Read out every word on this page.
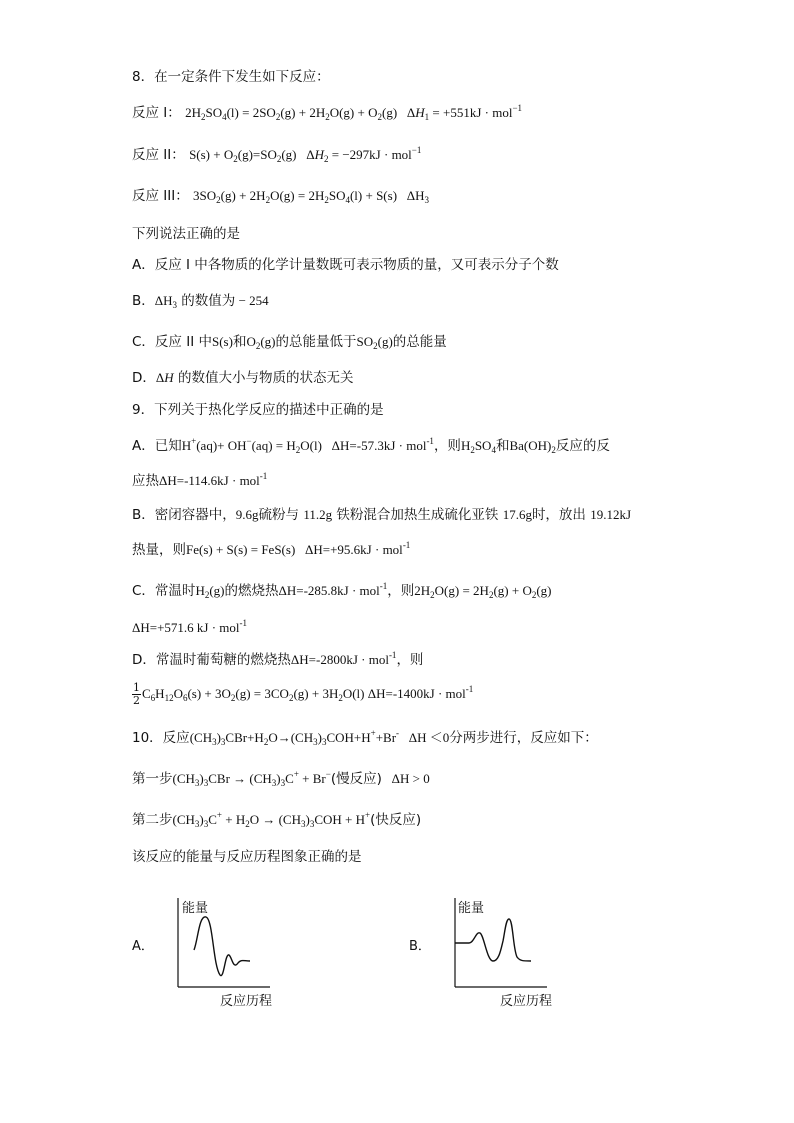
8．在一定条件下发生如下反应：
反应 I： $2H_2SO_4(l) = 2SO_2(g) + 2H_2O(g) + O_2(g) \Delta H_1 = +551kJ \cdot mol^{-1}$
反应 II： $S(s) + O_2(g)=SO_2(g) \Delta H_2 = -297kJ \cdot mol^{-1}$
反应 III： $3SO_2(g) + 2H_2O(g) = 2H_2SO_4(l) + S(s)$   $\Delta H_3$
下列说法正确的是
A．反应 I 中各物质的化学计量数既可表示物质的量，又可表示分子个数
B．$\Delta H_3$ 的数值为 − 254
C．反应 II 中S(s)和$O_2(g)$的总能量低于$SO_2(g)$的总能量
D．ΔH 的数值大小与物质的状态无关
9．下列关于热化学反应的描述中正确的是
A．已知$H^+(aq)+ OH^-(aq) = H_2O(l) \Delta H=-57.3kJ \cdot mol^{-1}$，则$H_2SO_4$和$Ba(OH)_2$反应的反
应热ΔH=-114.6kJ · mol$^{-1}$
B．密闭容器中，9.6g硫粉与 11.2g 铁粉混合加热生成硫化亚铁 17.6g时，放出 19.12kJ
热量，则Fe(s) + S(s) = FeS(s)   ΔH=+95.6kJ · mol$^{-1}$
C．常温时$H_2(g)$的燃烧热ΔH=-285.8kJ · mol$^{-1}$，则$2H_2O(g) = 2H_2(g) + O_2(g)$
ΔH=+571.6 kJ · mol$^{-1}$
D．常温时葡萄糖的燃烧热ΔH=-2800kJ · mol$^{-1}$，则
$\frac{1}{2} C_6H_{12}O_6(s) + 3O_2(g) = 3CO_2(g) + 3H_2O(l) \Delta H=-1400kJ \cdot mol^{-1}$
10．反应$(CH_3)_3CBr+H_2O\to(CH_3)_3COH+H^++Br^-$   ΔH ＜0分两步进行，反应如下：
第一步$(CH_3)_3CBr \to (CH_3)_3C^+ + Br^-$(慢反应)   ΔH > 0
第二步$(CH_3)_3C^+ + H_2O \to (CH_3)_3COH + H^+$(快反应)
该反应的能量与反应历程图象正确的是
A．
能量
反应历程
B．
能量
反应历程
